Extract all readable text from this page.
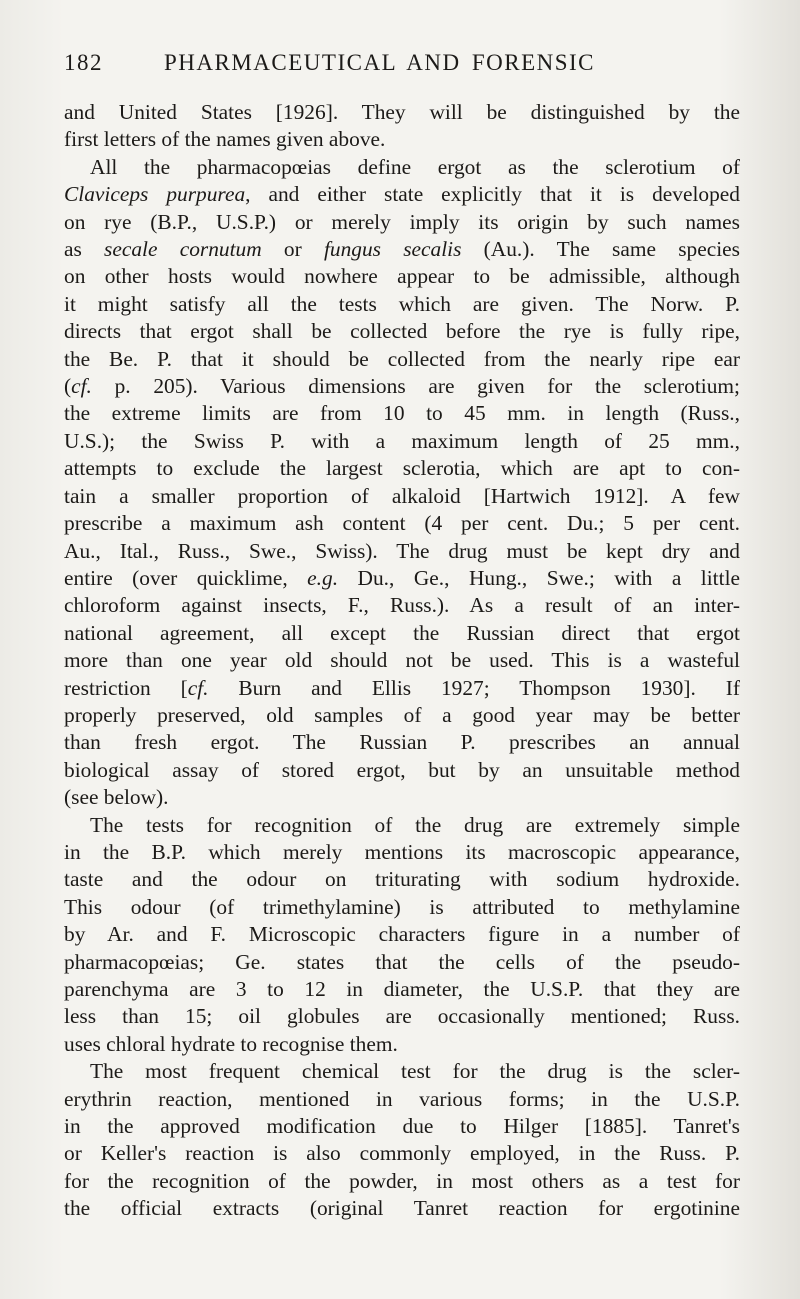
182	PHARMACEUTICAL AND FORENSIC

and United States [1926]. They will be distinguished by the
first letters of the names given above.

All the pharmacopœias define ergot as the sclerotium of
Claviceps purpurea, and either state explicitly that it is developed
on rye (B.P., U.S.P.) or merely imply its origin by such names
as secale cornutum or fungus secalis (Au.). The same species
on other hosts would nowhere appear to be admissible, although
it might satisfy all the tests which are given. The Norw. P.
directs that ergot shall be collected before the rye is fully ripe,
the Be. P. that it should be collected from the nearly ripe ear
(cf. p. 205). Various dimensions are given for the sclerotium;
the extreme limits are from 10 to 45 mm. in length (Russ.,
U.S.); the Swiss P. with a maximum length of 25 mm.,
attempts to exclude the largest sclerotia, which are apt to con-
tain a smaller proportion of alkaloid [Hartwich 1912]. A few
prescribe a maximum ash content (4 per cent. Du.; 5 per cent.
Au., Ital., Russ., Swe., Swiss). The drug must be kept dry and
entire (over quicklime, e.g. Du., Ge., Hung., Swe.; with a little
chloroform against insects, F., Russ.). As a result of an inter-
national agreement, all except the Russian direct that ergot
more than one year old should not be used. This is a wasteful
restriction [cf. Burn and Ellis 1927; Thompson 1930]. If
properly preserved, old samples of a good year may be better
than fresh ergot. The Russian P. prescribes an annual
biological assay of stored ergot, but by an unsuitable method
(see below).

The tests for recognition of the drug are extremely simple
in the B.P. which merely mentions its macroscopic appearance,
taste and the odour on triturating with sodium hydroxide.
This odour (of trimethylamine) is attributed to methylamine
by Ar. and F. Microscopic characters figure in a number of
pharmacopœias; Ge. states that the cells of the pseudo-
parenchyma are 3 to 12 in diameter, the U.S.P. that they are
less than 15; oil globules are occasionally mentioned; Russ.
uses chloral hydrate to recognise them.

The most frequent chemical test for the drug is the scler-
erythrin reaction, mentioned in various forms; in the U.S.P.
in the approved modification due to Hilger [1885]. Tanret's
or Keller's reaction is also commonly employed, in the Russ. P.
for the recognition of the powder, in most others as a test for
the official extracts (original Tanret reaction for ergotinine
